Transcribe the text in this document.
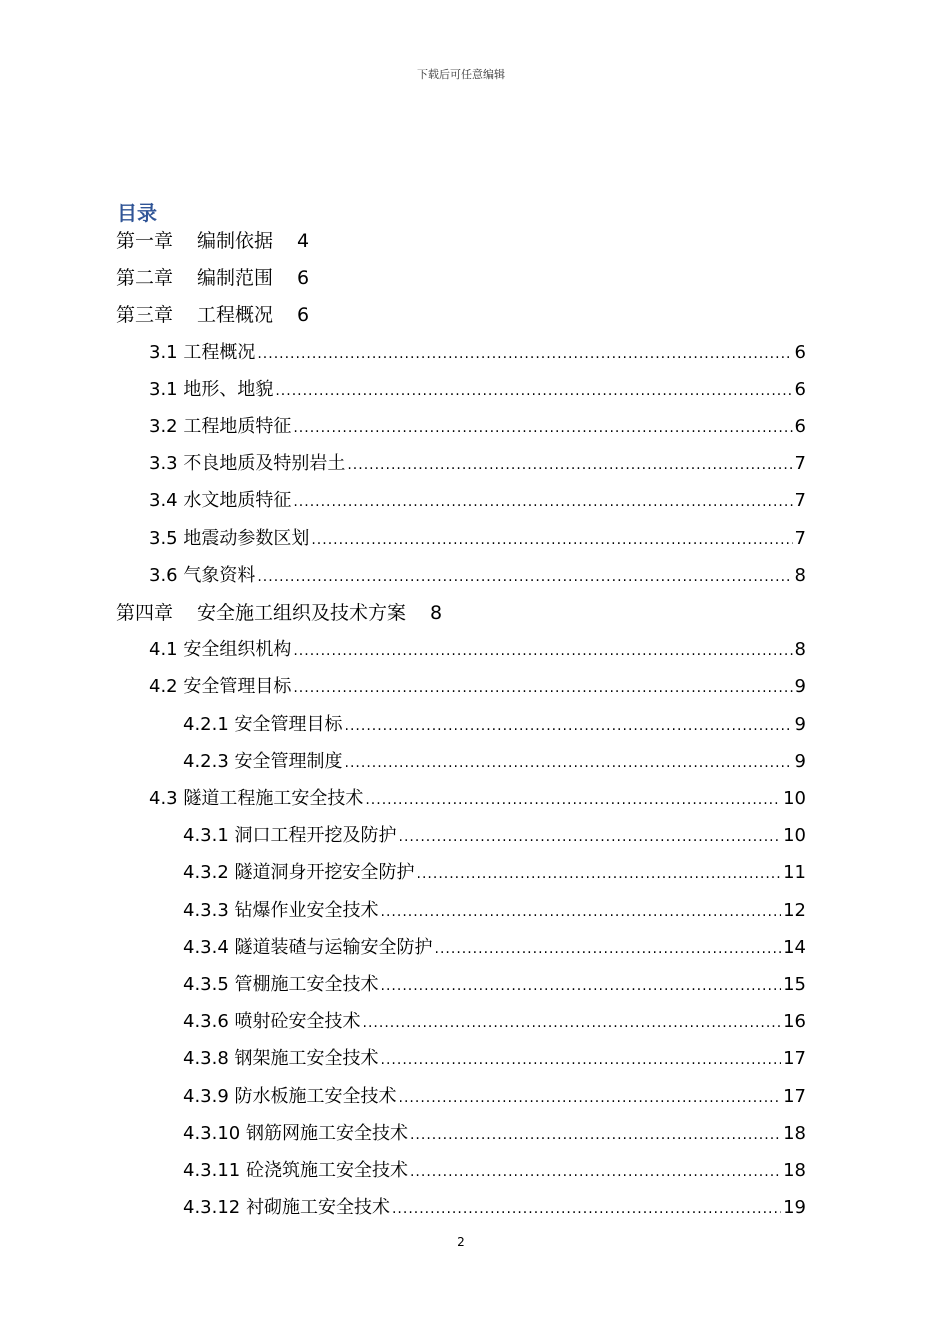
下载后可任意编辑
目录
第一章 编制依据 4
第二章 编制范围 6
第三章 工程概况 6
3.1 工程概况 .....	6
3.1 地形、地貌 .....	6
3.2 工程地质特征 .....	6
3.3 不良地质及特别岩土 .....	7
3.4 水文地质特征 .....	7
3.5 地震动参数区划 .....	7
3.6 气象资料 .....	8
第四章 安全施工组织及技术方案 8
4.1 安全组织机构 .....	8
4.2 安全管理目标 .....	9
4.2.1 安全管理目标 .....	9
4.2.3 安全管理制度 .....	9
4.3 隧道工程施工安全技术 .....	10
4.3.1 洞口工程开挖及防护 .....	10
4.3.2 隧道洞身开挖安全防护 .....	11
4.3.3 钻爆作业安全技术 .....	12
4.3.4 隧道装碴与运输安全防护 .....	14
4.3.5 管棚施工安全技术 .....	15
4.3.6 喷射砼安全技术 .....	16
4.3.8 钢架施工安全技术 .....	17
4.3.9 防水板施工安全技术 .....	17
4.3.10 钢筋网施工安全技术 .....	18
4.3.11 砼浇筑施工安全技术 .....	18
4.3.12 衬砌施工安全技术 .....	19
2
